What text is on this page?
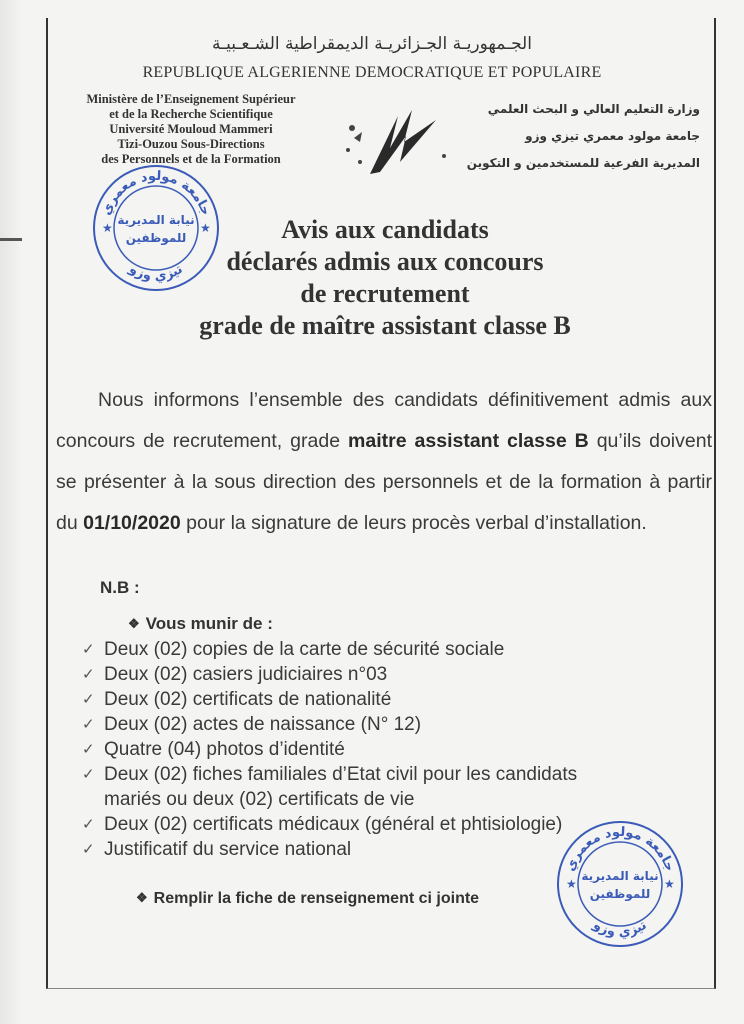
الجـمهوريـة الجـزائريـة الديمقراطية الشـعـبيـة
REPUBLIQUE ALGERIENNE DEMOCRATIQUE ET POPULAIRE
Ministère de l’Enseignement Supérieur
et de la Recherche Scientifique
Université Mouloud Mammeri
Tizi-Ouzou Sous-Directions
des Personnels et de la Formation
وزارة التعليم العالي و البحث العلمي
جامعة مولود معمري تيزي وزو
المديرية الفرعية للمستخدمين و التكوين
جامعة مولود معمري
نيابة المديرية
للموظفين
تيزي وزو
★	★	Avis aux candidats
déclarés admis aux concours
de recrutement
grade de maître assistant classe B
Nous informons l’ensemble des candidats définitivement admis aux concours de recrutement, grade maitre assistant classe B qu’ils doivent se présenter à la sous direction des personnels et de la formation à partir du 01/10/2020 pour la signature de leurs procès verbal d’installation.
N.B :
❖ Vous munir de :
✓ Deux (02) copies de la carte de sécurité sociale
✓ Deux (02) casiers judiciaires n°03
✓ Deux (02) certificats de nationalité
✓ Deux (02) actes de naissance (N° 12)
✓ Quatre (04) photos d’identité
✓ Deux (02) fiches familiales d’Etat civil pour les candidats
mariés ou deux (02) certificats de vie
✓ Deux (02) certificats médicaux (général et phtisiologie)
✓ Justificatif du service national
❖ Remplir la fiche de renseignement ci jointe
جامعة مولود معمري
نيابة المديرية
للموظفين
تيزي وزو
★	★
